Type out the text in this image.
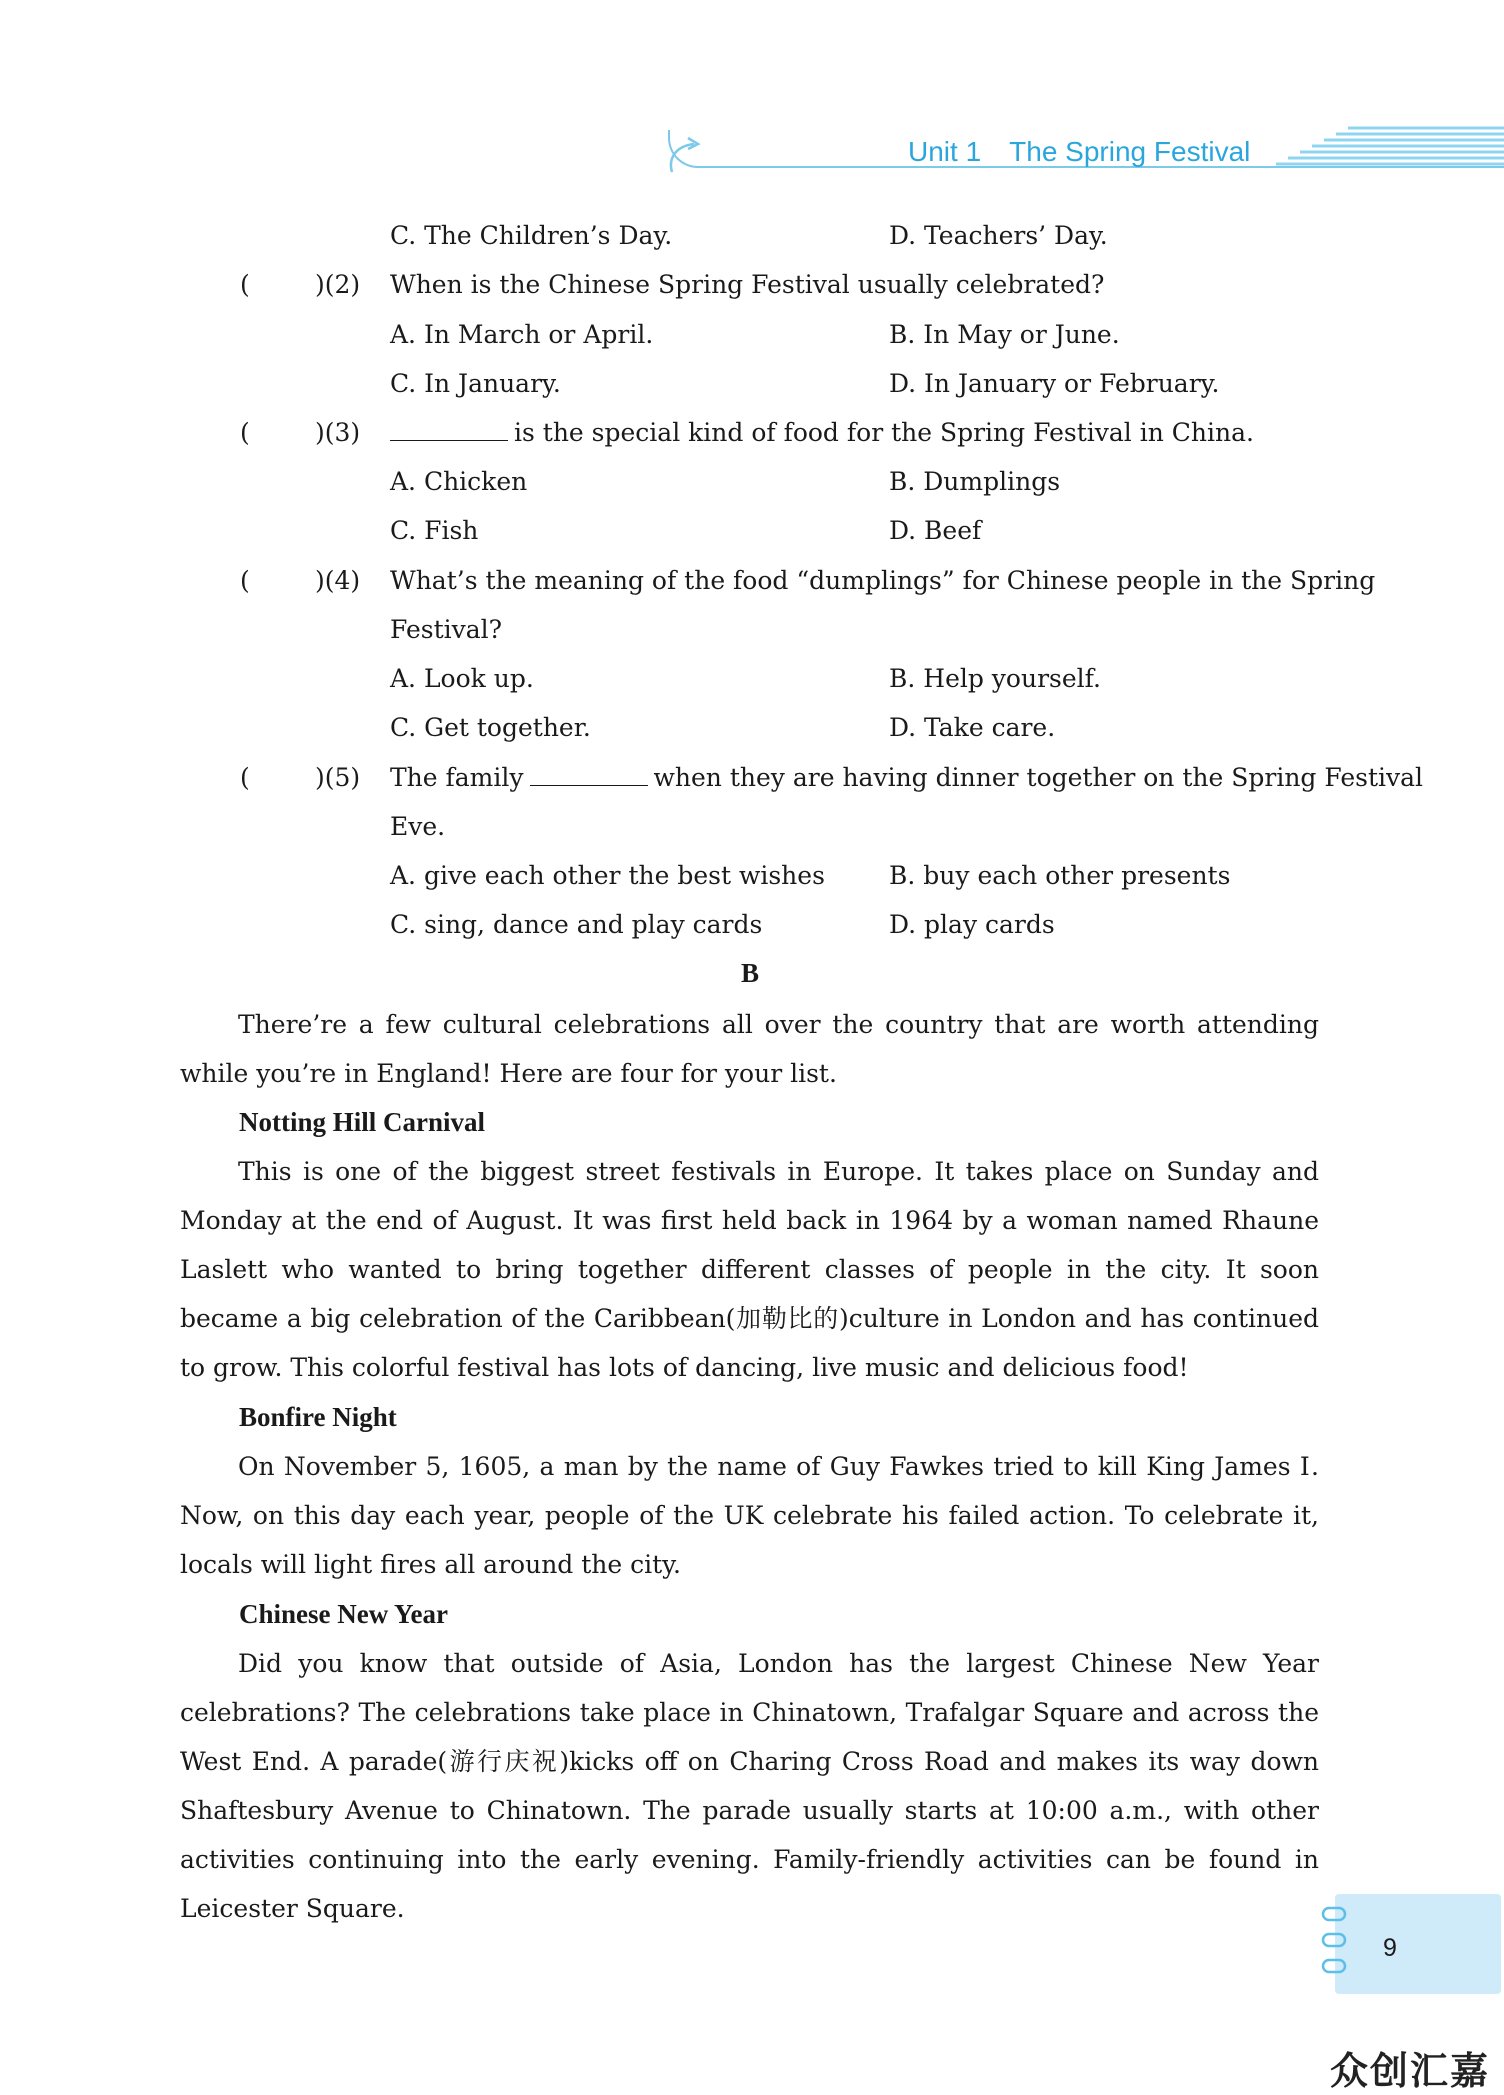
Unit 1 The Spring Festival
C. The Children’s Day.	D. Teachers’ Day.
(	)(2) When is the Chinese Spring Festival usually celebrated?
A. In March or April.	B. In May or June.
C. In January.	D. In January or February.
(	)(3)	is the special kind of food for the Spring Festival in China.
A. Chicken	B. Dumplings
C. Fish	D. Beef
(	)(4) What’s the meaning of the food “dumplings” for Chinese people in the Spring
Festival?
A. Look up.	B. Help yourself.
C. Get together.	D. Take care.
(	)(5) The family	when they are having dinner together on the Spring Festival
Eve.
A. give each other the best wishes	B. buy each other presents
C. sing, dance and play cards	D. play cards
B
There’re a few cultural celebrations all over the country that are worth attending while you’re in England! Here are four for your list.
Notting Hill Carnival
This is one of the biggest street festivals in Europe. It takes place on Sunday and Monday at the end of August. It was first held back in 1964 by a woman named Rhaune Laslett who wanted to bring together different classes of people in the city. It soon became a big celebration of the Caribbean(加勒比的)culture in London and has continued to grow. This colorful festival has lots of dancing, live music and delicious food!
Bonfire Night
On November 5, 1605, a man by the name of Guy Fawkes tried to kill King James Ⅰ. Now, on this day each year, people of the UK celebrate his failed action. To celebrate it, locals will light fires all around the city.
Chinese New Year
Did you know that outside of Asia, London has the largest Chinese New Year celebrations? The celebrations take place in Chinatown, Trafalgar Square and across the West End. A parade(游行庆祝)kicks off on Charing Cross Road and makes its way down Shaftesbury Avenue to Chinatown. The parade usually starts at 10:00 a.m., with other activities continuing into the early evening. Family-friendly activities can be found in Leicester Square.
9
众创汇嘉
